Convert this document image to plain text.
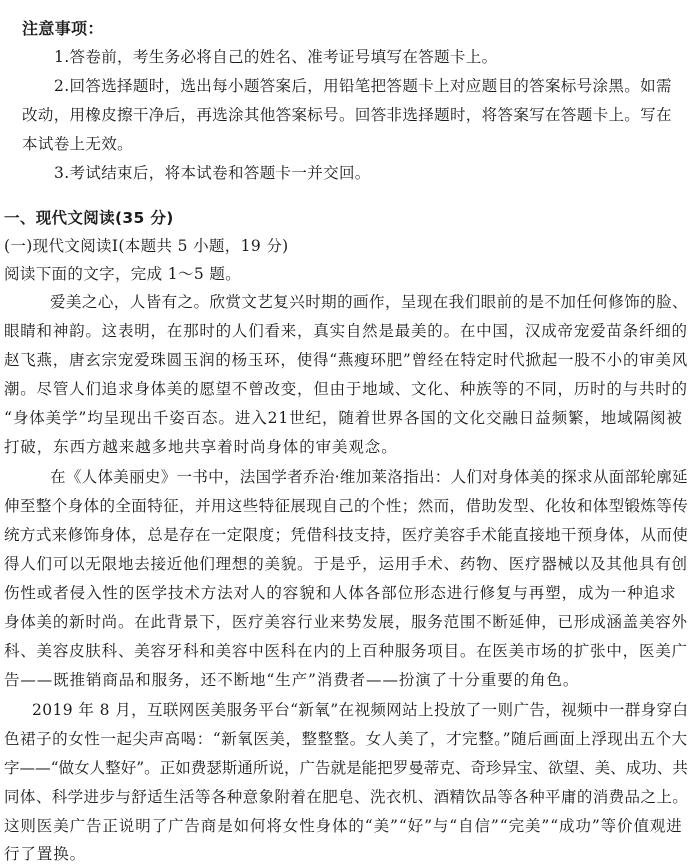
注意事项：
1.答卷前，考生务必将自己的姓名、准考证号填写在答题卡上。
2.回答选择题时，选出每小题答案后，用铅笔把答题卡上对应题目的答案标号涂黑。如需
改动，用橡皮擦干净后，再选涂其他答案标号。回答非选择题时，将答案写在答题卡上。写在
本试卷上无效。
3.考试结束后，将本试卷和答题卡一并交回。
一、现代文阅读(35 分)
(一)现代文阅读Ⅰ(本题共 5 小题，19 分)
阅读下面的文字，完成 1～5 题。
爱美之心，人皆有之。欣赏文艺复兴时期的画作，呈现在我们眼前的是不加任何修饰的脸、
眼睛和神韵。这表明，在那时的人们看来，真实自然是最美的。在中国，汉成帝宠爱苗条纤细的
赵飞燕，唐玄宗宠爱珠圆玉润的杨玉环，使得“燕瘦环肥”曾经在特定时代掀起一股不小的审美风
潮。尽管人们追求身体美的愿望不曾改变，但由于地域、文化、种族等的不同，历时的与共时的
“身体美学”均呈现出千姿百态。进入21世纪，随着世界各国的文化交融日益频繁，地域隔阂被
打破，东西方越来越多地共享着时尚身体的审美观念。
在《人体美丽史》一书中，法国学者乔治·维加莱洛指出：人们对身体美的探求从面部轮廓延
伸至整个身体的全面特征，并用这些特征展现自己的个性；然而，借助发型、化妆和体型锻炼等传
统方式来修饰身体，总是存在一定限度；凭借科技支持，医疗美容手术能直接地干预身体，从而使
得人们可以无限地去接近他们理想的美貌。于是乎，运用手术、药物、医疗器械以及其他具有创
伤性或者侵入性的医学技术方法对人的容貌和人体各部位形态进行修复与再塑，成为一种追求
身体美的新时尚。在此背景下，医疗美容行业来势发展，服务范围不断延伸，已形成涵盖美容外
科、美容皮肤科、美容牙科和美容中医科在内的上百种服务项目。在医美市场的扩张中，医美广
告——既推销商品和服务，还不断地“生产”消费者——扮演了十分重要的角色。
2019 年 8 月，互联网医美服务平台“新氧”在视频网站上投放了一则广告，视频中一群身穿白
色裙子的女性一起尖声高喝：“新氧医美，整整整。女人美了，才完整。”随后画面上浮现出五个大
字——“做女人整好”。正如费瑟斯通所说，广告就是能把罗曼蒂克、奇珍异宝、欲望、美、成功、共
同体、科学进步与舒适生活等各种意象附着在肥皂、洗衣机、酒精饮品等各种平庸的消费品之上。
这则医美广告正说明了广告商是如何将女性身体的“美”“好”与“自信”“完美”“成功”等价值观进
行了置换。
